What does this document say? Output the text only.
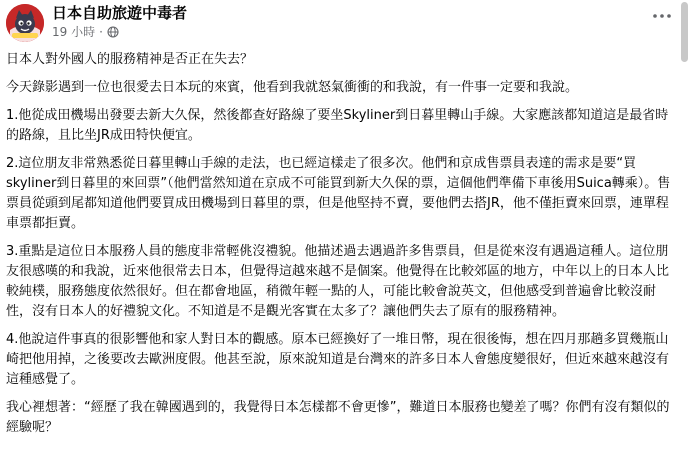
日本自助旅遊中毒者
19 小時 ·

日本人對外國人的服務精神是否正在失去？

今天錄影遇到一位也很愛去日本玩的來賓，他看到我就怒氣衝衝的和我說，有一件事一定要和我說。

1.他從成田機場出發要去新大久保，然後都查好路線了要坐Skyliner到日暮里轉山手線。大家應該都知道這是最省時的路線，且比坐JR成田特快便宜。

2.這位朋友非常熟悉從日暮里轉山手線的走法，也已經這樣走了很多次。他們和京成售票員表達的需求是要“買skyliner到日暮里的來回票”（他們當然知道在京成不可能買到新大久保的票，這個他們準備下車後用Suica轉乘）。售票員從頭到尾都知道他們要買成田機場到日暮里的票，但是他堅持不賣，要他們去搭JR，他不僅拒賣來回票，連單程車票都拒賣。

3.重點是這位日本服務人員的態度非常輕佻沒禮貌。他描述過去遇過許多售票員，但是從來沒有遇過這種人。這位朋友很感嘆的和我說，近來他很常去日本，但覺得這越來越不是個案。他覺得在比較郊區的地方，中年以上的日本人比較純樸，服務態度依然很好。但在都會地區，稍微年輕一點的人，可能比較會說英文，但他感受到普遍會比較沒耐性，沒有日本人的好禮貌文化。不知道是不是觀光客實在太多了？讓他們失去了原有的服務精神。

4.他說這件事真的很影響他和家人對日本的觀感。原本已經換好了一堆日幣，現在很後悔，想在四月那趟多買幾瓶山崎把他用掉，之後要改去歐洲度假。他甚至說，原來說知道是台灣來的許多日本人會態度變很好，但近來越來越沒有這種感覺了。

我心裡想著：“經歷了我在韓國遇到的，我覺得日本怎樣都不會更慘”，難道日本服務也變差了嗎？你們有沒有類似的經驗呢？
